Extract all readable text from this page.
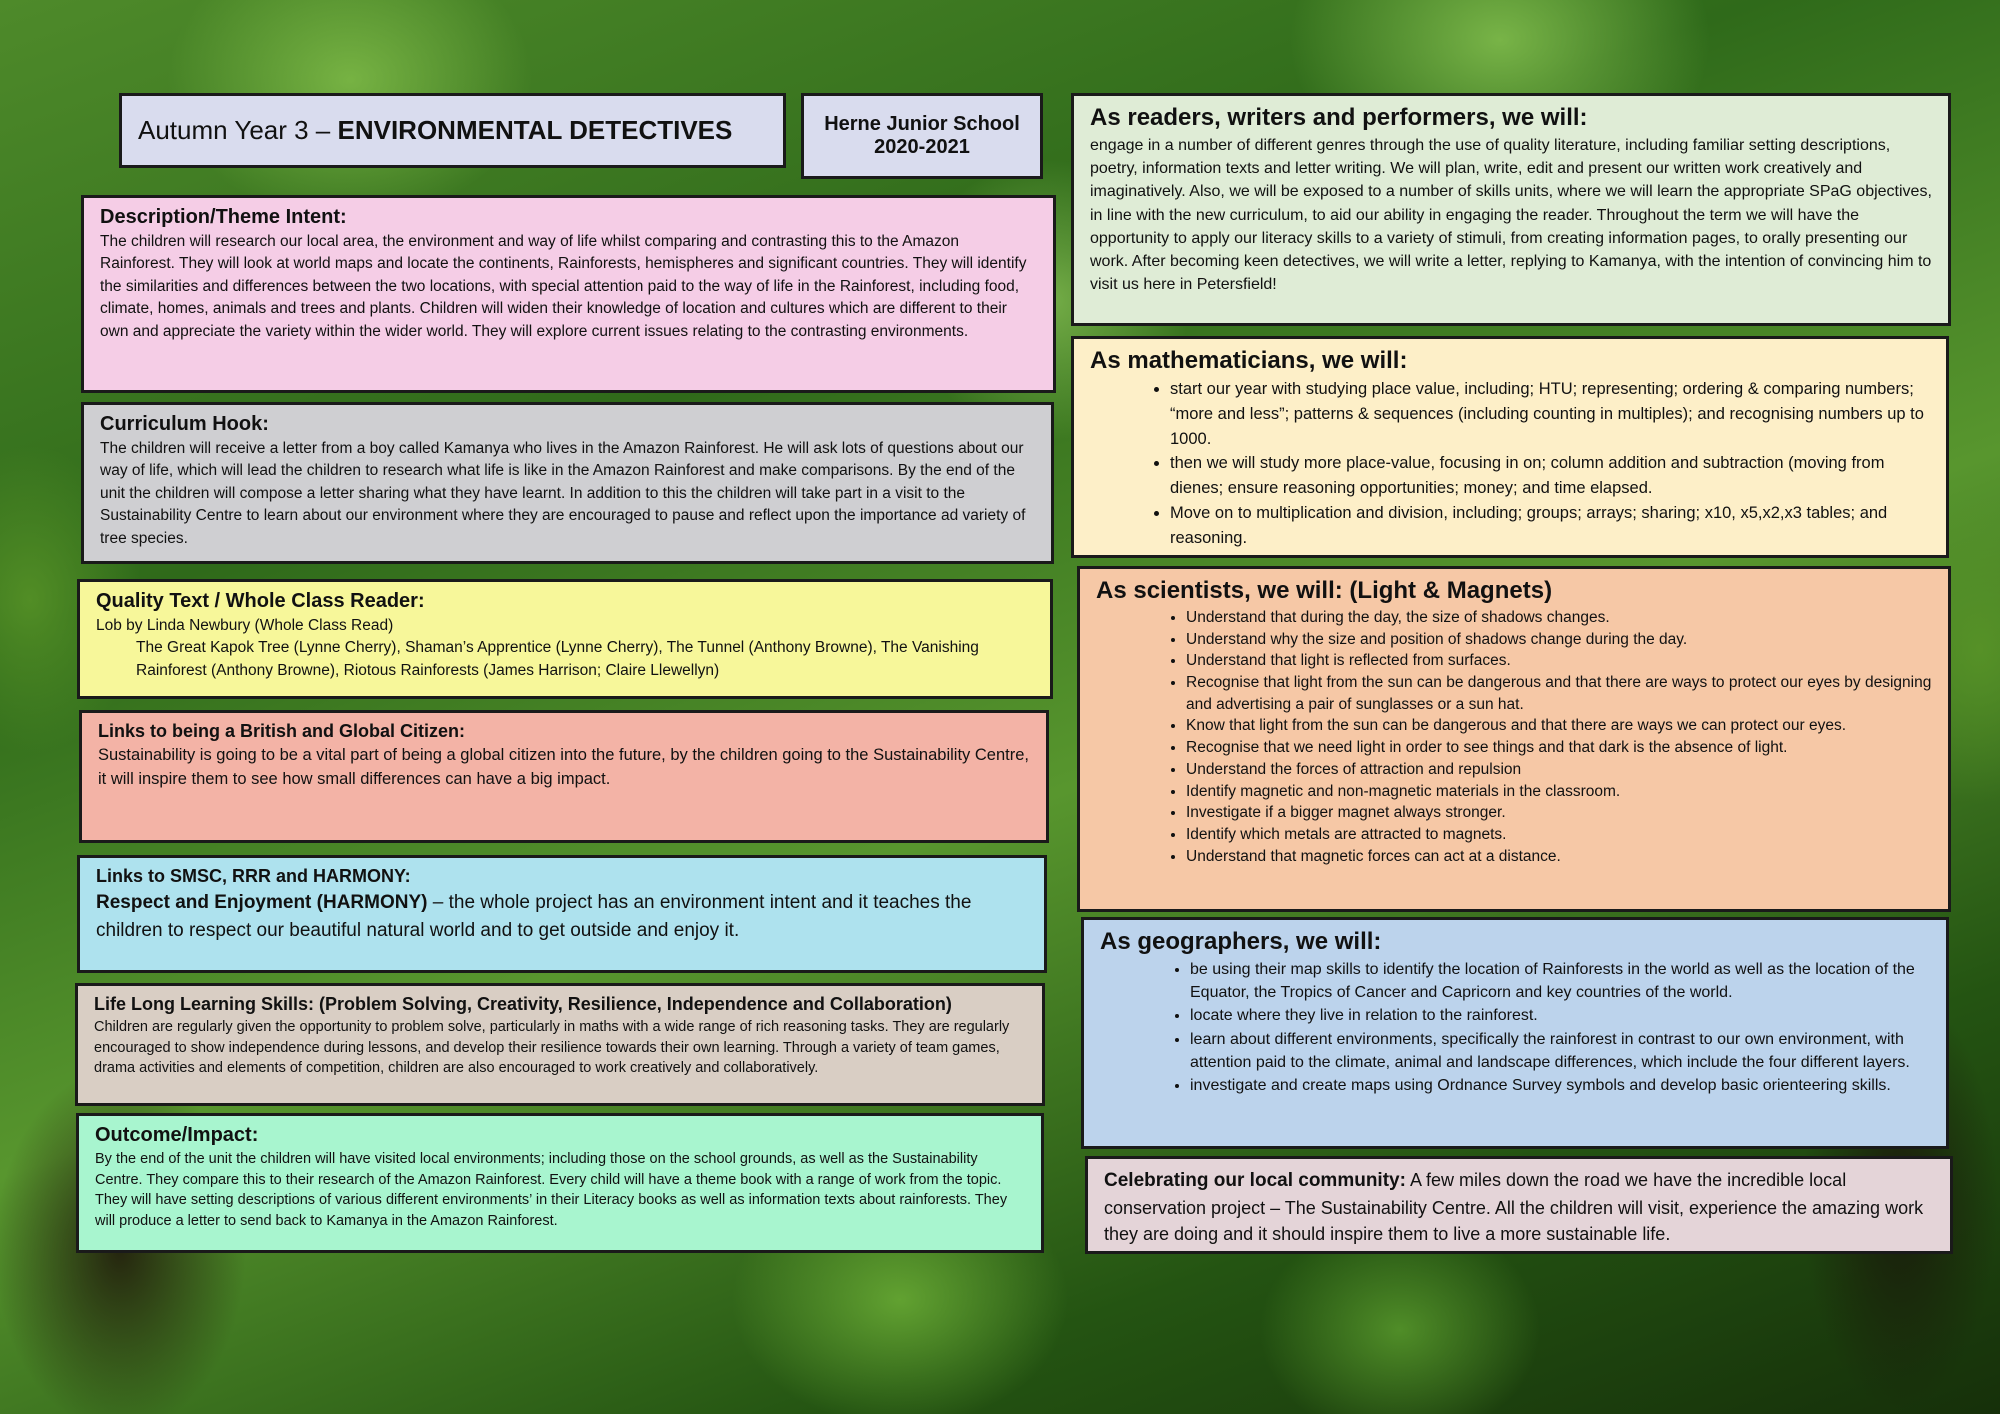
Autumn Year 3 –
ENVIRONMENTAL DETECTIVES	Herne Junior School
2020-2021
Description/Theme Intent:

The children will research our local area, the environment and way of life whilst comparing and contrasting this to the Amazon Rainforest. They will look at world maps and locate the continents, Rainforests, hemispheres and significant countries. They will identify the similarities and differences between the two locations, with special attention paid to the way of life in the Rainforest, including food, climate, homes, animals and trees and plants. Children will widen their knowledge of location and cultures which are different to their own and appreciate the variety within the wider world. They will explore current issues relating to the contrasting environments.

Curriculum Hook:

The children will receive a letter from a boy called Kamanya who lives in the Amazon Rainforest. He will ask lots of questions about our way of life, which will lead the children to research what life is like in the Amazon Rainforest and make comparisons. By the end of the unit the children will compose a letter sharing what they have learnt. In addition to this the children will take part in a visit to the Sustainability Centre to learn about our environment where they are encouraged to pause and reflect upon the importance ad variety of tree species.

Quality Text / Whole Class Reader:

Lob by Linda Newbury (Whole Class Read)

The Great Kapok Tree (Lynne Cherry), Shaman’s Apprentice (Lynne Cherry), The Tunnel (Anthony Browne), The Vanishing Rainforest (Anthony Browne), Riotous Rainforests (James Harrison; Claire Llewellyn)

Links to being a British and Global Citizen:

Sustainability is going to be a vital part of being a global citizen into the future, by the children going to the Sustainability Centre, it will inspire them to see how small differences can have a big impact.

Links to SMSC, RRR and HARMONY:
Respect and Enjoyment (HARMONY) – the whole project has an environment intent and it teaches the children to respect our beautiful natural world and to get outside and enjoy it.
Life Long Learning Skills: (Problem Solving, Creativity, Resilience, Independence and Collaboration)

Children are regularly given the opportunity to problem solve, particularly in maths with a wide range of rich reasoning tasks. They are regularly encouraged to show independence during lessons, and develop their resilience towards their own learning. Through a variety of team games, drama activities and elements of competition, children are also encouraged to work creatively and collaboratively.

Outcome/Impact:

By the end of the unit the children will have visited local environments; including those on the school grounds, as well as the Sustainability Centre. They compare this to their research of the Amazon Rainforest. Every child will have a theme book with a range of work from the topic. They will have setting descriptions of various different environments’ in their Literacy books as well as information texts about rainforests. They will produce a letter to send back to Kamanya in the Amazon Rainforest.

As readers, writers and performers, we will:

engage in a number of different genres through the use of quality literature, including familiar setting descriptions, poetry, information texts and letter writing. We will plan, write, edit and present our written work creatively and imaginatively. Also, we will be exposed to a number of skills units, where we will learn the appropriate SPaG objectives, in line with the new curriculum, to aid our ability in engaging the reader. Throughout the term we will have the opportunity to apply our literacy skills to a variety of stimuli, from creating information pages, to orally presenting our work. After becoming keen detectives, we will write a letter, replying to Kamanya, with the intention of convincing him to visit us here in Petersfield!

As mathematicians, we will:
• start our year with studying place value, including; HTU; representing; ordering & comparing numbers; “more and less”; patterns & sequences (including counting in multiples); and recognising numbers up to 1000.
• then we will study more place-value, focusing in on; column addition and subtraction (moving from dienes; ensure reasoning opportunities; money; and time elapsed.
• Move on to multiplication and division, including; groups; arrays; sharing; x10, x5,x2,x3 tables; and reasoning.
As scientists, we will: (Light & Magnets)
• Understand that during the day, the size of shadows changes.
• Understand why the size and position of shadows change during the day.
• Understand that light is reflected from surfaces.
• Recognise that light from the sun can be dangerous and that there are ways to protect our eyes by designing and advertising a pair of sunglasses or a sun hat.
• Know that light from the sun can be dangerous and that there are ways we can protect our eyes.
• Recognise that we need light in order to see things and that dark is the absence of light.
• Understand the forces of attraction and repulsion
• Identify magnetic and non-magnetic materials in the classroom.
• Investigate if a bigger magnet always stronger.
• Identify which metals are attracted to magnets.
• Understand that magnetic forces can act at a distance.
As geographers, we will:
• be using their map skills to identify the location of Rainforests in the world as well as the location of the Equator, the Tropics of Cancer and Capricorn and key countries of the world.
• locate where they live in relation to the rainforest.
• learn about different environments, specifically the rainforest in contrast to our own environment, with attention paid to the climate, animal and landscape differences, which include the four different layers.
• investigate and create maps using Ordnance Survey symbols and develop basic orienteering skills.
Celebrating our local community: A few miles down the road we have the incredible local conservation project – The Sustainability Centre. All the children will visit, experience the amazing work they are doing and it should inspire them to live a more sustainable life.
